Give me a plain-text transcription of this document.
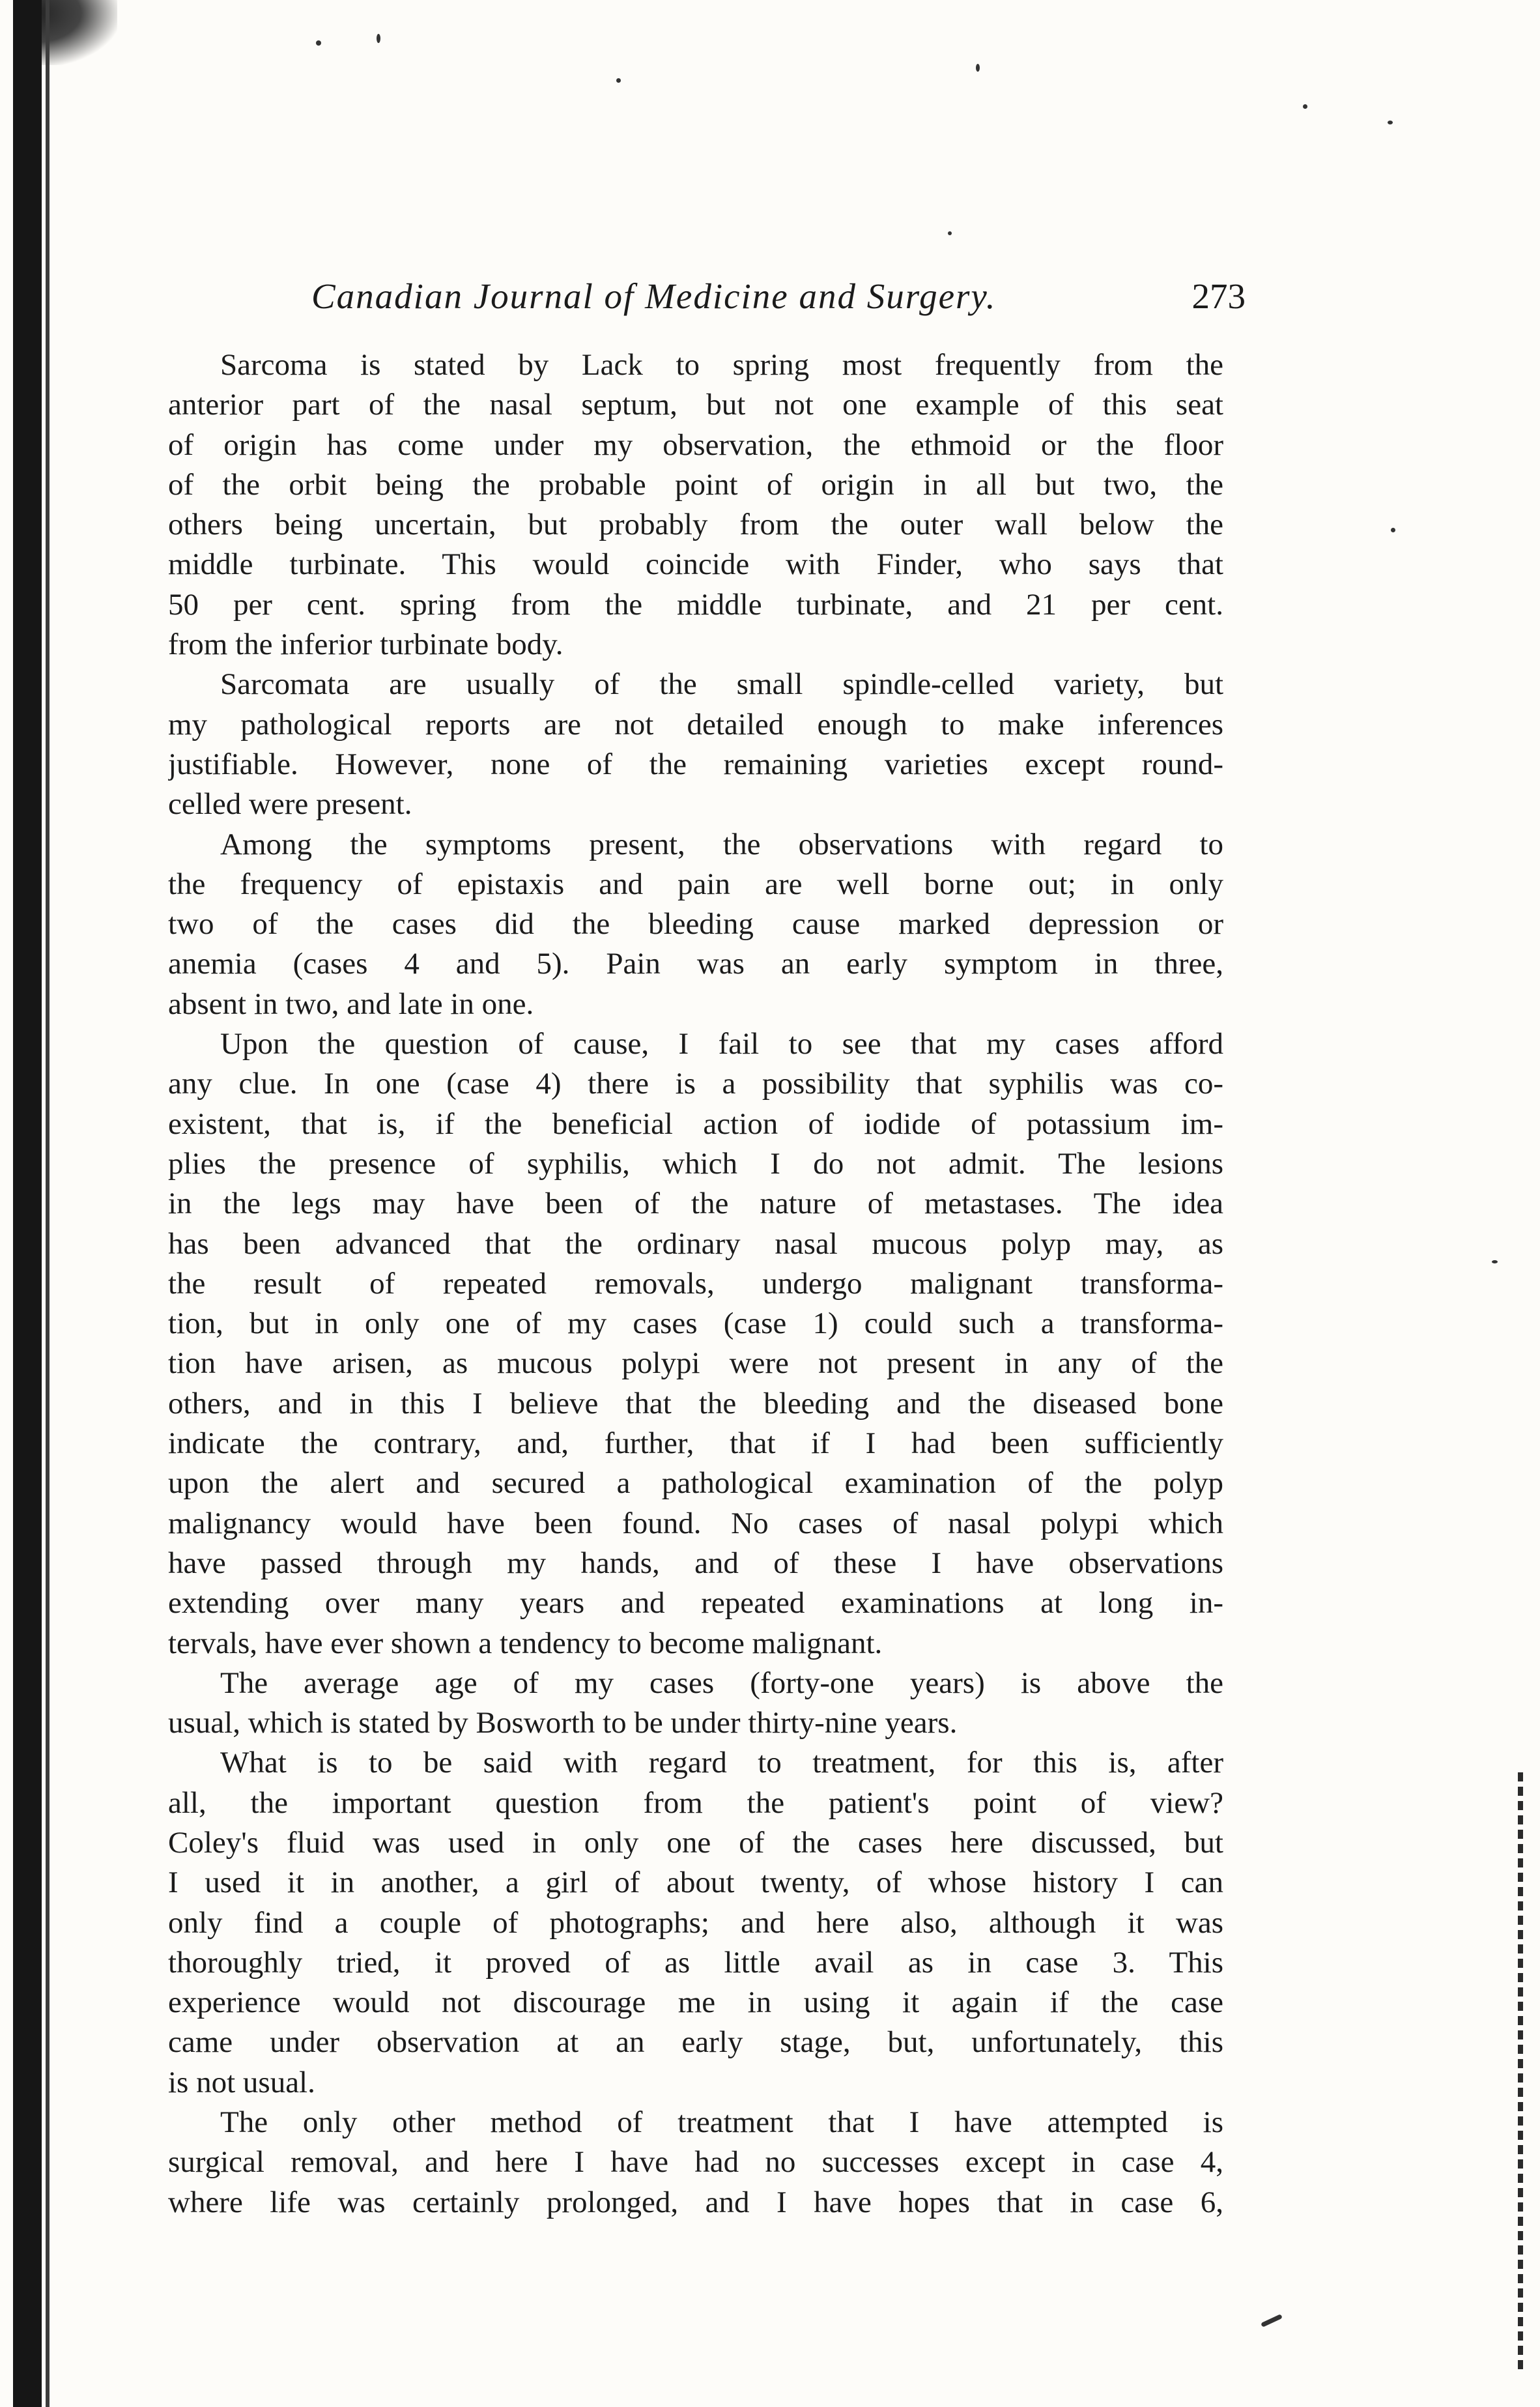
Canadian Journal of Medicine and Surgery.	273

Sarcoma is stated by Lack to spring most frequently from the

anterior part of the nasal septum, but not one example of this seat

of origin has come under my observation, the ethmoid or the floor

of the orbit being the probable point of origin in all but two, the

others being uncertain, but probably from the outer wall below the

middle turbinate. This would coincide with Finder, who says that

50 per cent. spring from the middle turbinate, and 21 per cent.

from the inferior turbinate body.

Sarcomata are usually of the small spindle-celled variety, but

my pathological reports are not detailed enough to make inferences

justifiable. However, none of the remaining varieties except round-

celled were present.

Among the symptoms present, the observations with regard to

the frequency of epistaxis and pain are well borne out; in only

two of the cases did the bleeding cause marked depression or

anemia (cases 4 and 5). Pain was an early symptom in three,

absent in two, and late in one.

Upon the question of cause, I fail to see that my cases afford

any clue. In one (case 4) there is a possibility that syphilis was co-

existent, that is, if the beneficial action of iodide of potassium im-

plies the presence of syphilis, which I do not admit. The lesions

in the legs may have been of the nature of metastases. The idea

has been advanced that the ordinary nasal mucous polyp may, as

the result of repeated removals, undergo malignant transforma-

tion, but in only one of my cases (case 1) could such a transforma-

tion have arisen, as mucous polypi were not present in any of the

others, and in this I believe that the bleeding and the diseased bone

indicate the contrary, and, further, that if I had been sufficiently

upon the alert and secured a pathological examination of the polyp

malignancy would have been found. No cases of nasal polypi which

have passed through my hands, and of these I have observations

extending over many years and repeated examinations at long in-

tervals, have ever shown a tendency to become malignant.

The average age of my cases (forty-one years) is above the

usual, which is stated by Bosworth to be under thirty-nine years.

What is to be said with regard to treatment, for this is, after

all, the important question from the patient's point of view?

Coley's fluid was used in only one of the cases here discussed, but

I used it in another, a girl of about twenty, of whose history I can

only find a couple of photographs; and here also, although it was

thoroughly tried, it proved of as little avail as in case 3. This

experience would not discourage me in using it again if the case

came under observation at an early stage, but, unfortunately, this

is not usual.

The only other method of treatment that I have attempted is

surgical removal, and here I have had no successes except in case 4,

where life was certainly prolonged, and I have hopes that in case 6,
